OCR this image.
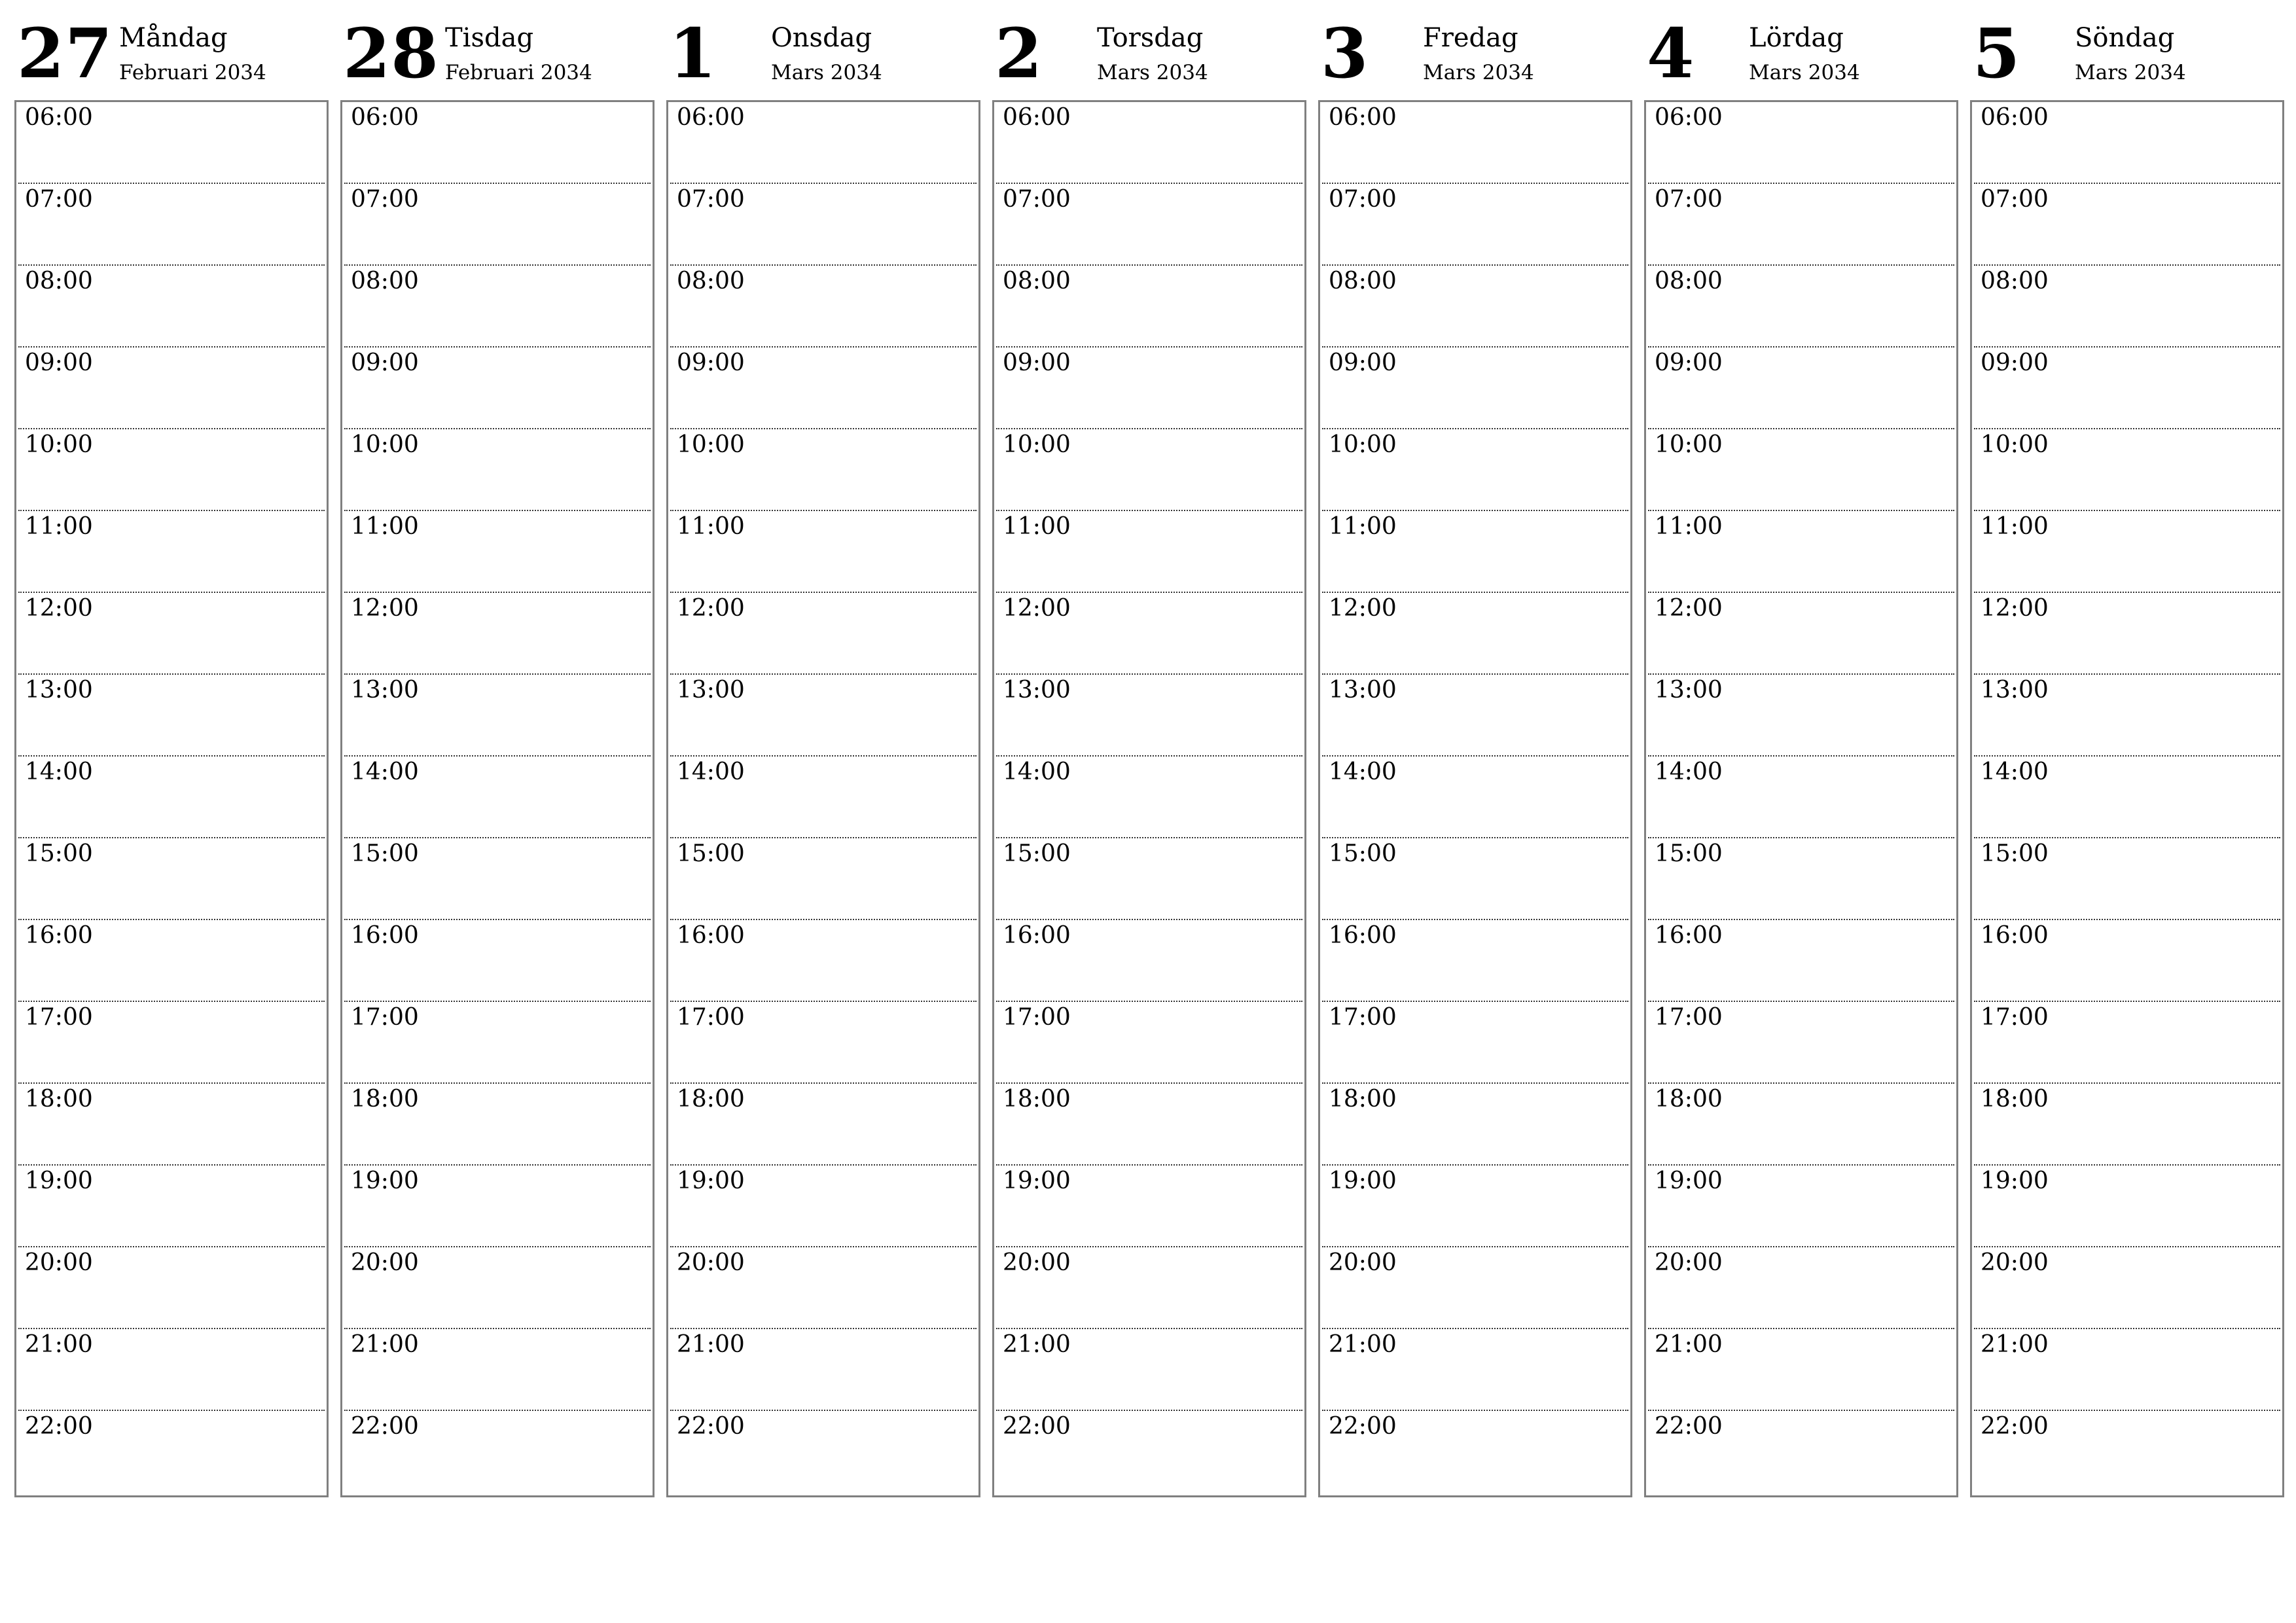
27 Måndag
Februari 2034
06:00
07:00
08:00
09:00
10:00
11:00
12:00
13:00
14:00
15:00
16:00
17:00
18:00
19:00
20:00
21:00
22:00
28 Tisdag
Februari 2034
06:00
07:00
08:00
09:00
10:00
11:00
12:00
13:00
14:00
15:00
16:00
17:00
18:00
19:00
20:00
21:00
22:00
1 Onsdag
Mars 2034
06:00
07:00
08:00
09:00
10:00
11:00
12:00
13:00
14:00
15:00
16:00
17:00
18:00
19:00
20:00
21:00
22:00
2 Torsdag
Mars 2034
06:00
07:00
08:00
09:00
10:00
11:00
12:00
13:00
14:00
15:00
16:00
17:00
18:00
19:00
20:00
21:00
22:00
3 Fredag
Mars 2034
06:00
07:00
08:00
09:00
10:00
11:00
12:00
13:00
14:00
15:00
16:00
17:00
18:00
19:00
20:00
21:00
22:00
4 Lördag
Mars 2034
06:00
07:00
08:00
09:00
10:00
11:00
12:00
13:00
14:00
15:00
16:00
17:00
18:00
19:00
20:00
21:00
22:00
5 Söndag
Mars 2034
06:00
07:00
08:00
09:00
10:00
11:00
12:00
13:00
14:00
15:00
16:00
17:00
18:00
19:00
20:00
21:00
22:00
